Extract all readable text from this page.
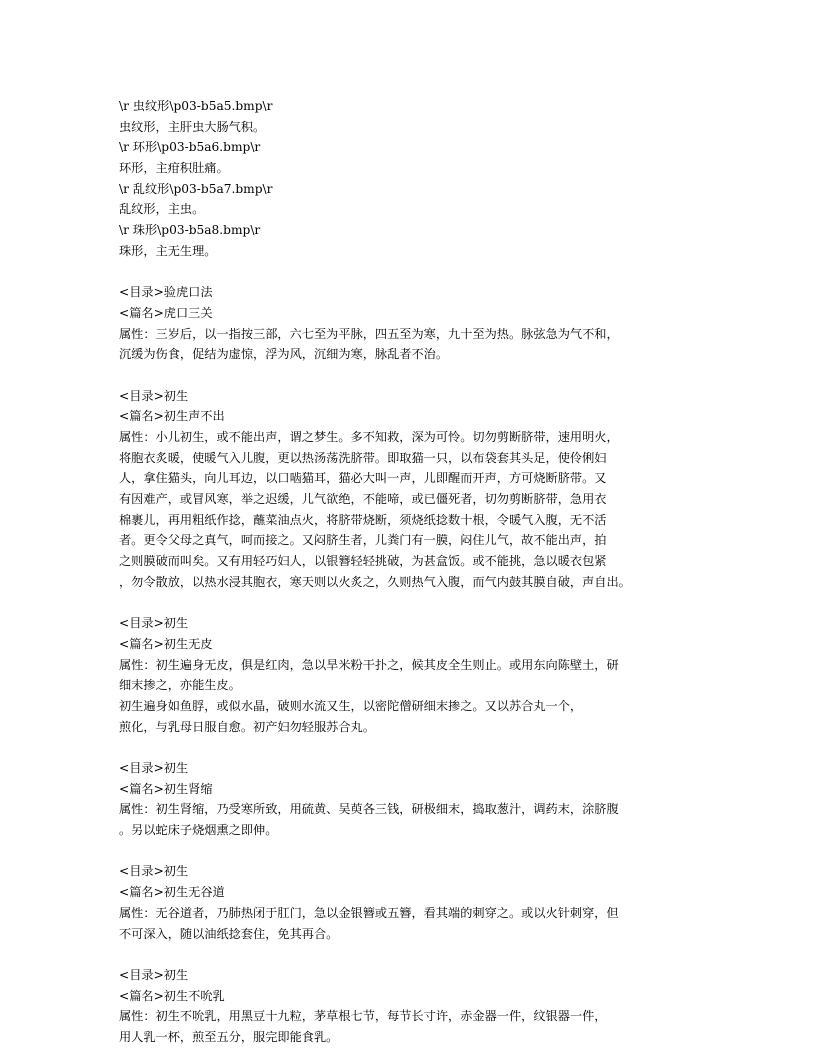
\r 虫纹形\p03-b5a5.bmp\r
虫纹形，主肝虫大肠气积。
\r 环形\p03-b5a6.bmp\r
环形，主疳积肚痛。
\r 乱纹形\p03-b5a7.bmp\r
乱纹形，主虫。
\r 珠形\p03-b5a8.bmp\r
珠形，主无生理。
<目录>验虎口法
<篇名>虎口三关
属性：三岁后，以一指按三部，六七至为平脉，四五至为寒，九十至为热。脉弦急为气不和，
沉缓为伤食，促结为虚惊，浮为风，沉细为寒，脉乱者不治。
<目录>初生
<篇名>初生声不出
属性：小儿初生，或不能出声，谓之梦生。多不知救，深为可怜。切勿剪断脐带，速用明火，
将胞衣炙暖，使暖气入儿腹，更以热汤荡洗脐带。即取猫一只，以布袋套其头足，使伶俐妇
人，拿住猫头，向儿耳边，以口啮猫耳，猫必大叫一声，儿即醒而开声，方可烧断脐带。又
有因难产，或冒风寒，举之迟缓，儿气欲绝，不能啼，或已僵死者，切勿剪断脐带，急用衣
棉裹儿，再用粗纸作捻，蘸菜油点火，将脐带烧断，须烧纸捻数十根，令暖气入腹，无不活
者。更令父母之真气，呵而接之。又闷脐生者，儿粪门有一膜，闷住儿气，故不能出声，拍
之则膜破而叫矣。又有用轻巧妇人，以银簪轻轻挑破，为甚盒饭。或不能挑，急以暖衣包紧
，勿令散放，以热水浸其胞衣，寒天则以火炙之，久则热气入腹，而气内鼓其膜自破，声自出。
<目录>初生
<篇名>初生无皮
属性：初生遍身无皮，俱是红肉，急以旱米粉干扑之，候其皮全生则止。或用东向陈壁土，研
细末掺之，亦能生皮。
初生遍身如鱼脬，或似水晶，破则水流又生，以密陀僧研细末掺之。又以苏合丸一个，
煎化，与乳母日服自愈。初产妇勿轻服苏合丸。
<目录>初生
<篇名>初生肾缩
属性：初生肾缩，乃受寒所致，用硫黄、吴萸各三钱，研极细末，捣取葱汁，调药末，涂脐腹
。另以蛇床子烧烟熏之即伸。
<目录>初生
<篇名>初生无谷道
属性：无谷道者，乃肺热闭于肛门，急以金银簪或五簪，看其端的刺穿之。或以火针刺穿，但
不可深入，随以油纸捻套住，免其再合。
<目录>初生
<篇名>初生不吮乳
属性：初生不吮乳，用黑豆十九粒，茅草根七节，每节长寸许，赤金器一件，纹银器一件，
用人乳一杯，煎至五分，服完即能食乳。
